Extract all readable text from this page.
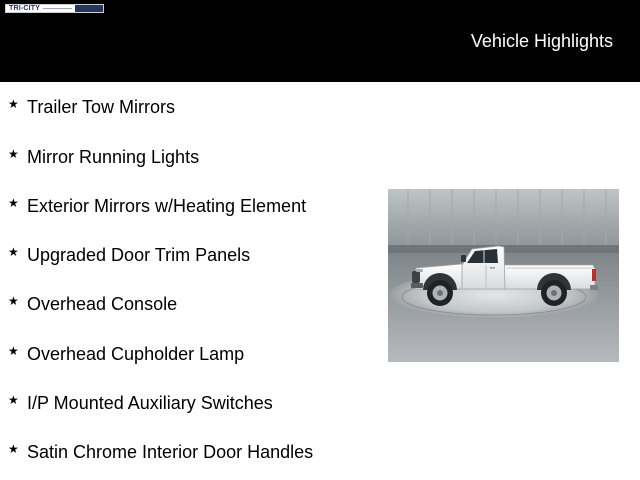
TRI-CITY
Vehicle Highlights
★ Trailer Tow Mirrors
★ Mirror Running Lights
★ Exterior Mirrors w/Heating Element
★ Upgraded Door Trim Panels
★ Overhead Console
★ Overhead Cupholder Lamp
★ I/P Mounted Auxiliary Switches
★ Satin Chrome Interior Door Handles
